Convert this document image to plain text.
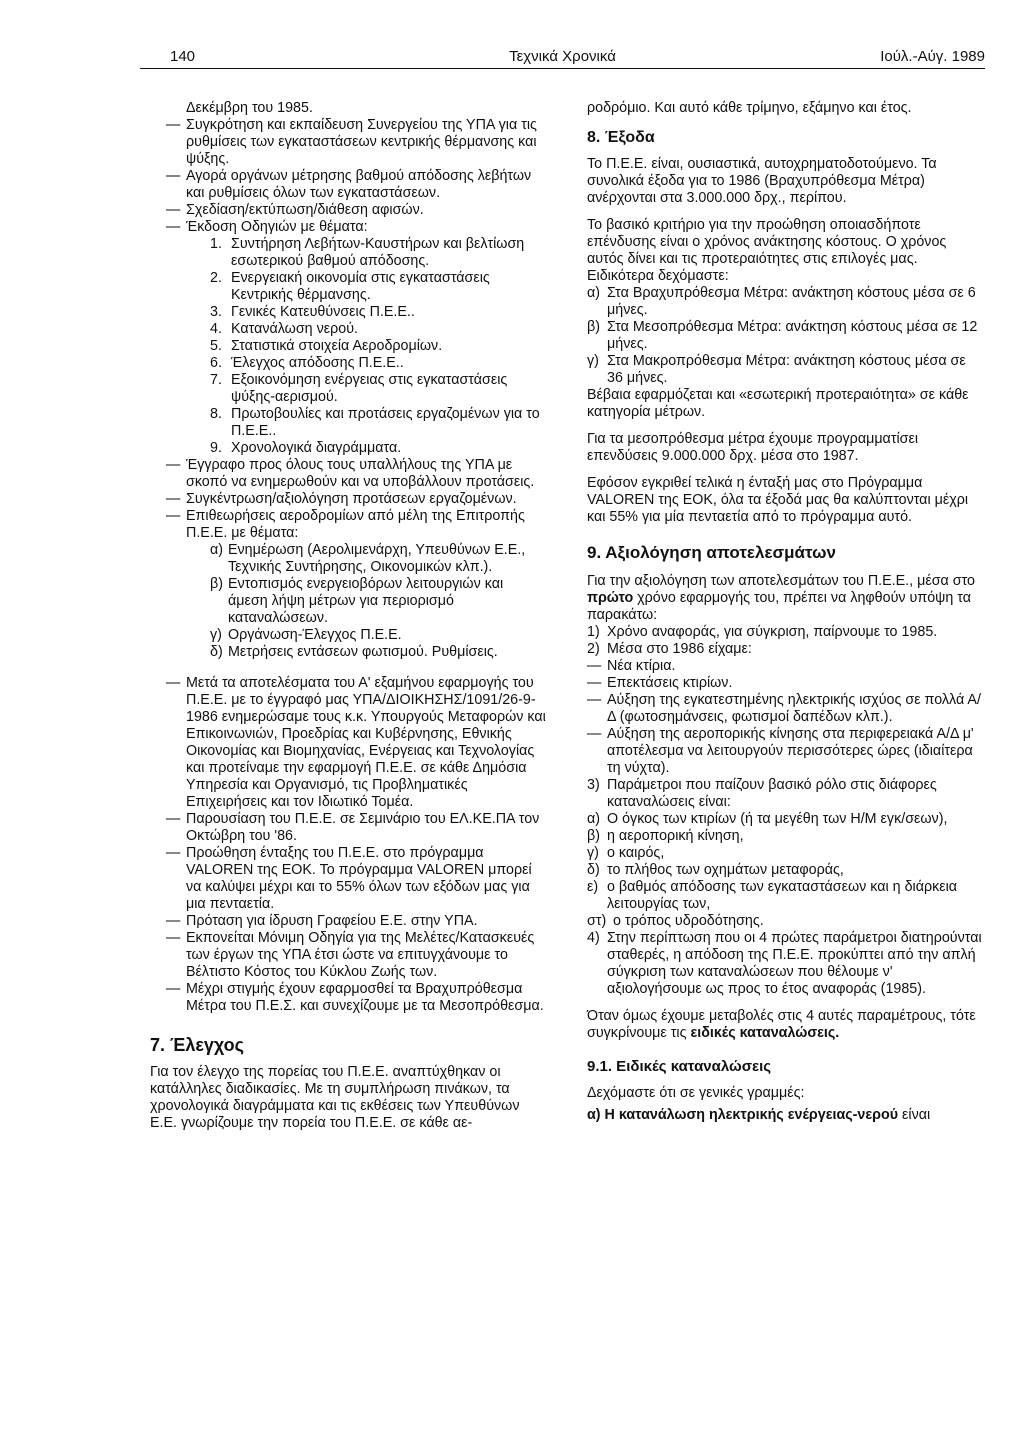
140	Τεχνικά Χρονικά	Ιούλ.-Αύγ. 1989

Δεκέμβρη του 1985.

— Συγκρότηση και εκπαίδευση Συνεργείου της ΥΠΑ για τις ρυθμίσεις των εγκαταστάσεων κεντρικής θέρμανσης και ψύξης.
— Αγορά οργάνων μέτρησης βαθμού απόδοσης λεβήτων και ρυθμίσεις όλων των εγκαταστάσεων.
— Σχεδίαση/εκτύπωση/διάθεση αφισών.
— Έκδοση Οδηγιών με θέματα:
1. Συντήρηση Λεβήτων-Καυστήρων και βελτίωση εσωτερικού βαθμού απόδοσης.
2. Ενεργειακή οικονομία στις εγκαταστάσεις Κεντρικής θέρμανσης.
3. Γενικές Κατευθύνσεις Π.Ε.Ε..
4. Κατανάλωση νερού.
5. Στατιστικά στοιχεία Αεροδρομίων.
6. Έλεγχος απόδοσης Π.Ε.Ε..
7. Εξοικονόμηση ενέργειας στις εγκαταστάσεις ψύξης-αερισμού.
8. Πρωτοβουλίες και προτάσεις εργαζομένων για το Π.Ε.Ε..
9. Χρονολογικά διαγράμματα.
— Έγγραφο προς όλους τους υπαλλήλους της ΥΠΑ με σκοπό να ενημερωθούν και να υποβάλλουν προτάσεις.
— Συγκέντρωση/αξιολόγηση προτάσεων εργαζομένων.
— Επιθεωρήσεις αεροδρομίων από μέλη της Επιτροπής Π.Ε.Ε. με θέματα:
α) Ενημέρωση (Αερολιμενάρχη, Υπευθύνων Ε.Ε., Τεχνικής Συντήρησης, Οικονομικών κλπ.).
β) Εντοπισμός ενεργειοβόρων λειτουργιών και άμεση λήψη μέτρων για περιορισμό καταναλώσεων.
γ) Οργάνωση-Έλεγχος Π.Ε.Ε.
δ) Μετρήσεις εντάσεων φωτισμού. Ρυθμίσεις.
— Μετά τα αποτελέσματα του Α' εξαμήνου εφαρμογής του Π.Ε.Ε. με το έγγραφό μας ΥΠΑ/ΔΙΟΙΚΗΣΗΣ/1091/26-9-1986 ενημερώσαμε τους κ.κ. Υπουργούς Μεταφορών και Επικοινωνιών, Προεδρίας και Κυβέρνησης, Εθνικής Οικονομίας και Βιομηχανίας, Ενέργειας και Τεχνολογίας και προτείναμε την εφαρμογή Π.Ε.Ε. σε κάθε Δημόσια Υπηρεσία και Οργανισμό, τις Προβληματικές Επιχειρήσεις και τον Ιδιωτικό Τομέα.
— Παρουσίαση του Π.Ε.Ε. σε Σεμινάριο του ΕΛ.ΚΕ.ΠΑ τον Οκτώβρη του '86.
— Προώθηση ένταξης του Π.Ε.Ε. στο πρόγραμμα VALOREN της ΕΟΚ. Το πρόγραμμα VALOREN μπορεί να καλύψει μέχρι και το 55% όλων των εξόδων μας για μια πενταετία.
— Πρόταση για ίδρυση Γραφείου Ε.Ε. στην ΥΠΑ.
— Εκπονείται Μόνιμη Οδηγία για της Μελέτες/Κατασκευές των έργων της ΥΠΑ έτσι ώστε να επιτυγχάνουμε το Βέλτιστο Κόστος του Κύκλου Ζωής των.
— Μέχρι στιγμής έχουν εφαρμοσθεί τα Βραχυπρόθεσμα Μέτρα του Π.Ε.Σ. και συνεχίζουμε με τα Μεσοπρόθεσμα.

7. Έλεγχος

Για τον έλεγχο της πορείας του Π.Ε.Ε. αναπτύχθηκαν οι κατάλληλες διαδικασίες. Με τη συμπλήρωση πινάκων, τα χρονολογικά διαγράμματα και τις εκθέσεις των Υπευθύνων Ε.Ε. γνωρίζουμε την πορεία του Π.Ε.Ε. σε κάθε αε-

ροδρόμιο. Και αυτό κάθε τρίμηνο, εξάμηνο και έτος.

8. Έξοδα

Το Π.Ε.Ε. είναι, ουσιαστικά, αυτοχρηματοδοτούμενο. Τα συνολικά έξοδα για το 1986 (Βραχυπρόθεσμα Μέτρα) ανέρχονται στα 3.000.000 δρχ., περίπου.

Το βασικό κριτήριο για την προώθηση οποιασδήποτε επένδυσης είναι ο χρόνος ανάκτησης κόστους. Ο χρόνος αυτός δίνει και τις προτεραιότητες στις επιλογές μας. Ειδικότερα δεχόμαστε:

α) Στα Βραχυπρόθεσμα Μέτρα: ανάκτηση κόστους μέσα σε 6 μήνες.
β) Στα Μεσοπρόθεσμα Μέτρα: ανάκτηση κόστους μέσα σε 12 μήνες.
γ) Στα Μακροπρόθεσμα Μέτρα: ανάκτηση κόστους μέσα σε 36 μήνες.

Βέβαια εφαρμόζεται και «εσωτερική προτεραιότητα» σε κάθε κατηγορία μέτρων.

Για τα μεσοπρόθεσμα μέτρα έχουμε προγραμματίσει επενδύσεις 9.000.000 δρχ. μέσα στο 1987.

Εφόσον εγκριθεί τελικά η ένταξή μας στο Πρόγραμμα VALOREN της ΕΟΚ, όλα τα έξοδά μας θα καλύπτονται μέχρι και 55% για μία πενταετία από το πρόγραμμα αυτό.

9. Αξιολόγηση αποτελεσμάτων

Για την αξιολόγηση των αποτελεσμάτων του Π.Ε.Ε., μέσα στο πρώτο χρόνο εφαρμογής του, πρέπει να ληφθούν υπόψη τα παρακάτω:

1) Χρόνο αναφοράς, για σύγκριση, παίρνουμε το 1985.
2) Μέσα στο 1986 είχαμε:
— Νέα κτίρια.
— Επεκτάσεις κτιρίων.
— Αύξηση της εγκατεστημένης ηλεκτρικής ισχύος σε πολλά Α/Δ (φωτοσημάνσεις, φωτισμοί δαπέδων κλπ.).
— Αύξηση της αεροπορικής κίνησης στα περιφερειακά Α/Δ μ' αποτέλεσμα να λειτουργούν περισσότερες ώρες (ιδιαίτερα τη νύχτα).
3) Παράμετροι που παίζουν βασικό ρόλο στις διάφορες καταναλώσεις είναι:
α) Ο όγκος των κτιρίων (ή τα μεγέθη των Η/Μ εγκ/σεων),
β) η αεροπορική κίνηση,
γ) ο καιρός,
δ) το πλήθος των οχημάτων μεταφοράς,
ε) ο βαθμός απόδοσης των εγκαταστάσεων και η διάρκεια λειτουργίας των,
στ) ο τρόπος υδροδότησης.
4) Στην περίπτωση που οι 4 πρώτες παράμετροι διατηρούνται σταθερές, η απόδοση της Π.Ε.Ε. προκύπτει από την απλή σύγκριση των καταναλώσεων που θέλουμε ν' αξιολογήσουμε ως προς το έτος αναφοράς (1985).

Όταν όμως έχουμε μεταβολές στις 4 αυτές παραμέτρους, τότε συγκρίνουμε τις ειδικές καταναλώσεις.

9.1. Ειδικές καταναλώσεις

Δεχόμαστε ότι σε γενικές γραμμές:

α) Η κατανάλωση ηλεκτρικής ενέργειας-νερού είναι
